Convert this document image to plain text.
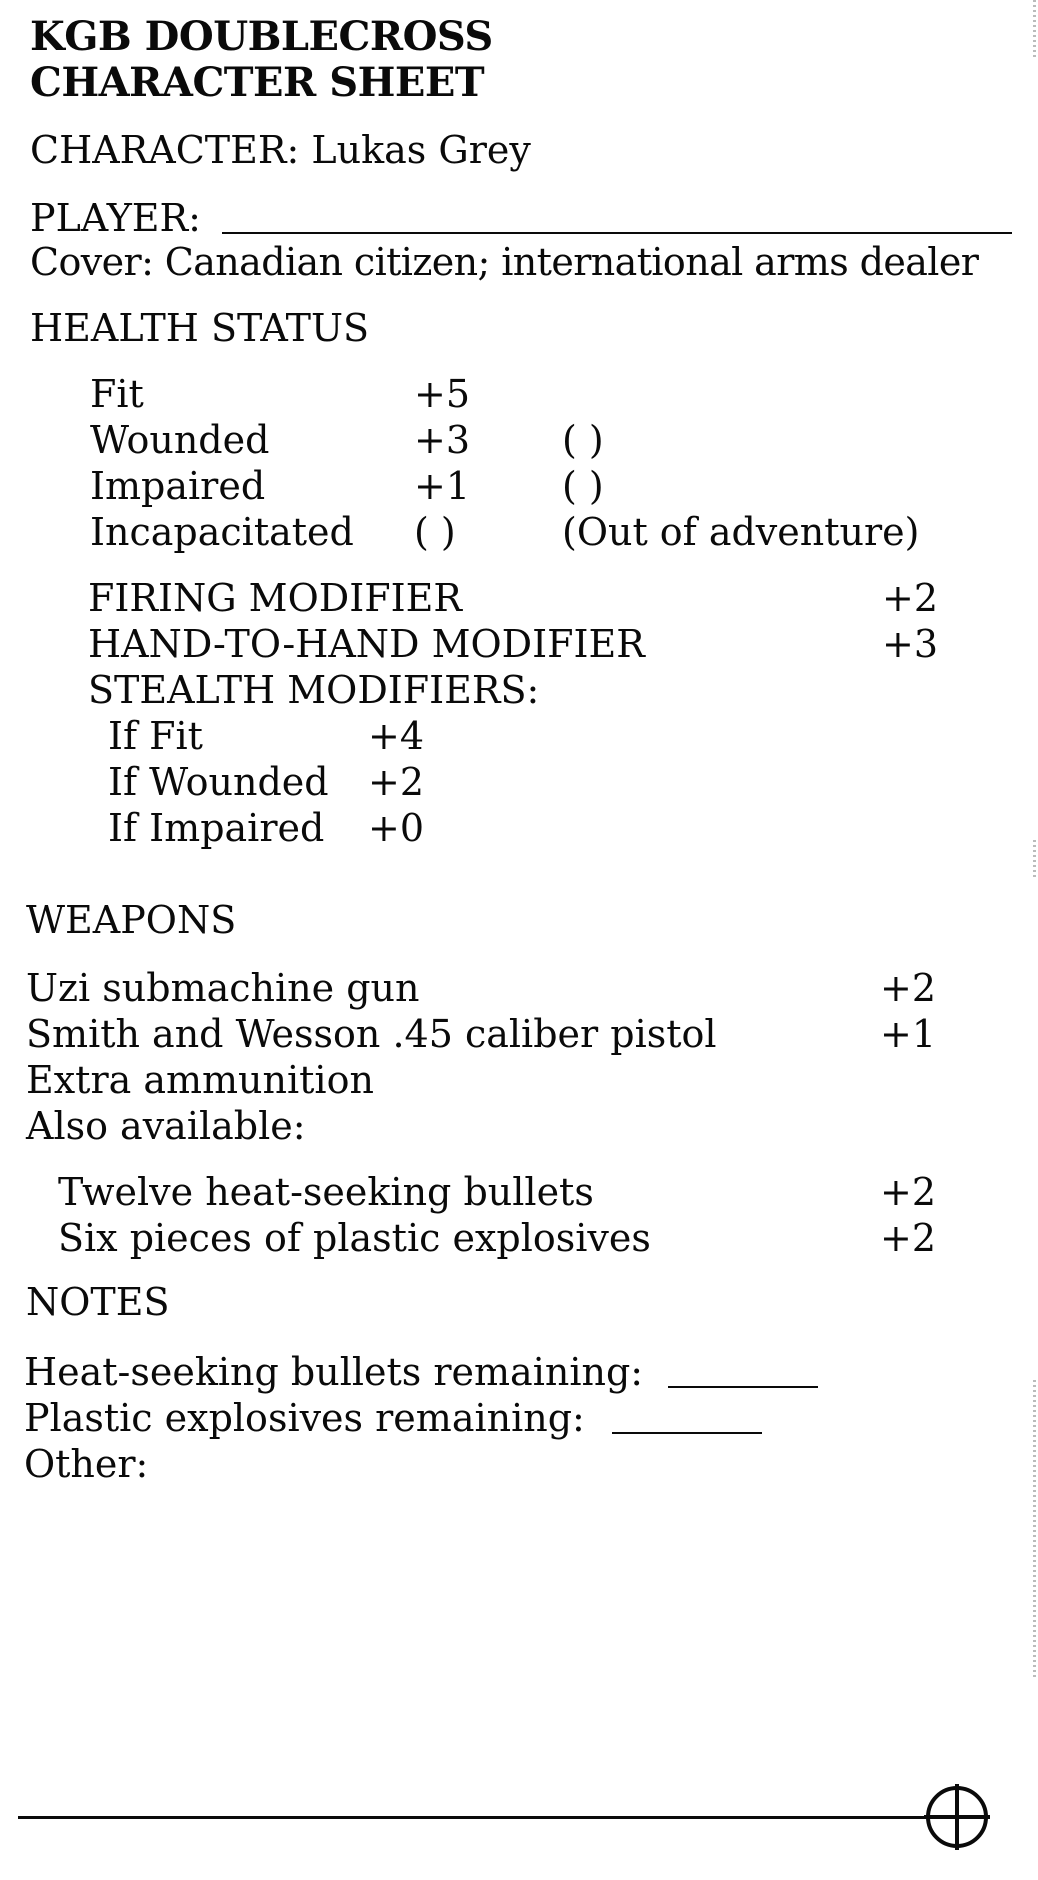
KGB DOUBLECROSS
CHARACTER SHEET
CHARACTER: Lukas Grey
PLAYER:
Cover: Canadian citizen; international arms dealer
HEALTH STATUS
Fit	+5
Wounded	+3 ( )
Impaired	+1 ( )
Incapacitated ( )	(Out of adventure)
FIRING MODIFIER	+2
HAND-TO-HAND MODIFIER	+3
STEALTH MODIFIERS:
If Fit	+4
If Wounded +2
If Impaired +0
WEAPONS
Uzi submachine gun	+2
Smith and Wesson .45 caliber pistol	+1
Extra ammunition
Also available:
Twelve heat-seeking bullets	+2
Six pieces of plastic explosives	+2
NOTES
Heat-seeking bullets remaining:
Plastic explosives remaining:
Other:
